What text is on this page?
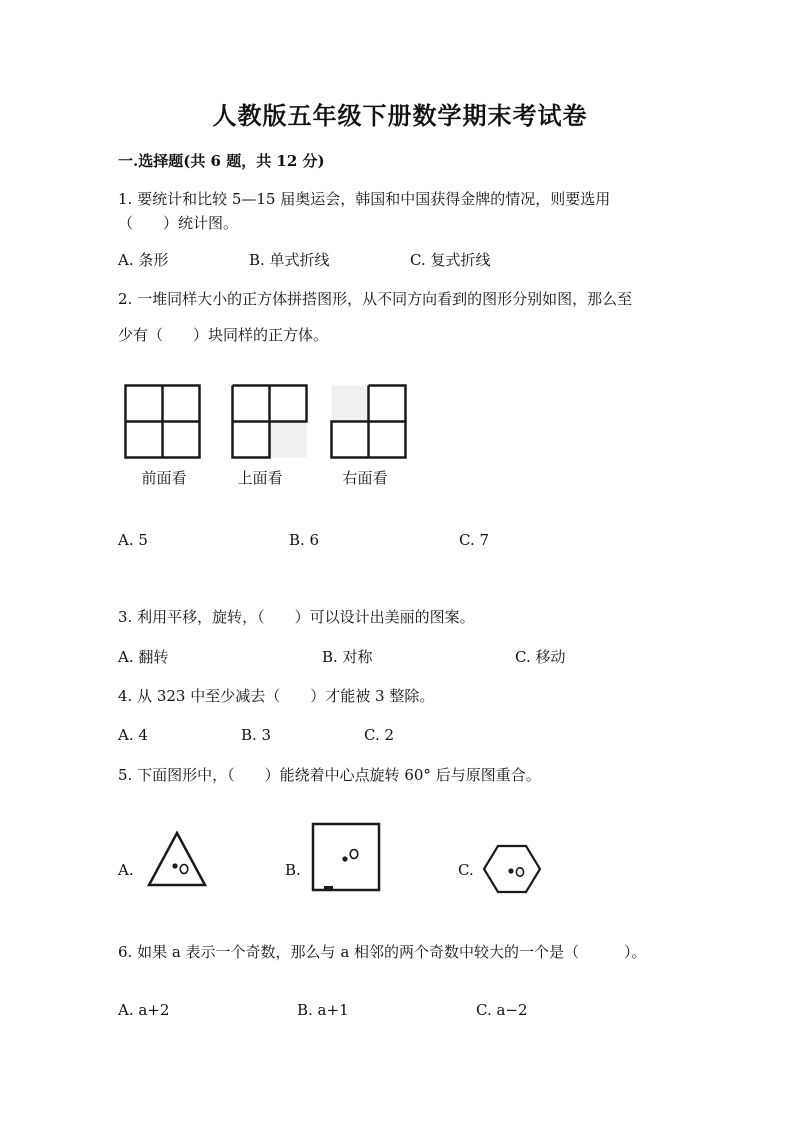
人教版五年级下册数学期末考试卷
一.选择题(共 6 题，共 12 分)
1. 要统计和比较 5—15 届奥运会，韩国和中国获得金牌的情况，则要选用
（　　）统计图。
A. 条形	B. 单式折线	C. 复式折线
2. 一堆同样大小的正方体拼搭图形，从不同方向看到的图形分别如图，那么至
少有（　　）块同样的正方体。
前面看	上面看	右面看
A. 5	B. 6	C. 7
3. 利用平移，旋转，（　　）可以设计出美丽的图案。
A. 翻转	B. 对称	C. 移动
4. 从 323 中至少减去（　　）才能被 3 整除。
A. 4	B. 3	C. 2
5. 下面图形中，（　　）能绕着中心点旋转 60° 后与原图重合。
A.	B.	C.
6. 如果 a 表示一个奇数，那么与 a 相邻的两个奇数中较大的一个是（　　　）。
A. a+2	B. a+1	C. a−2
